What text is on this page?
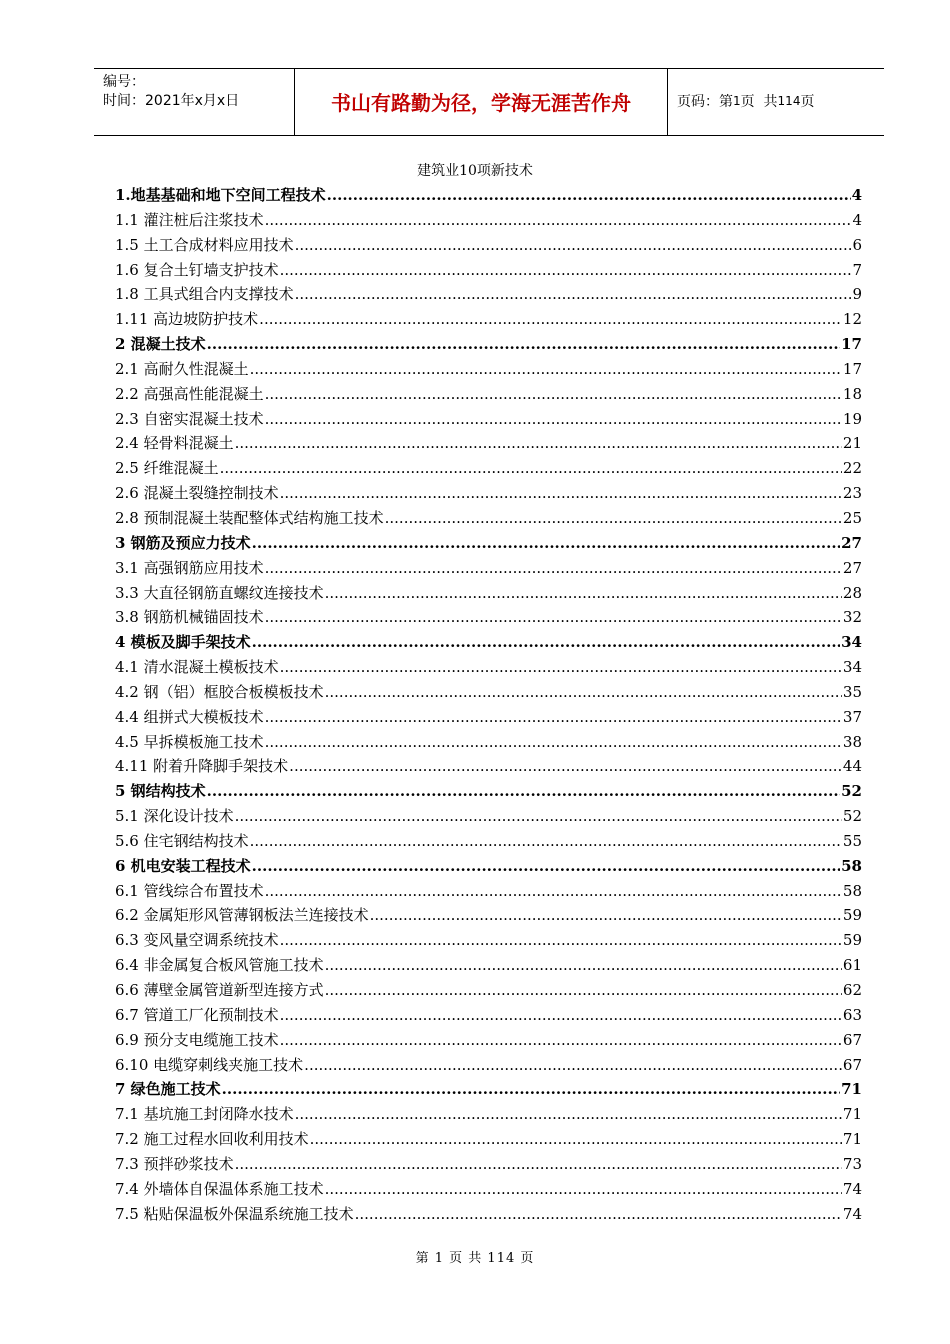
编号：
时间：2021年x月x日	书山有路勤为径，学海无涯苦作舟	页码：第 1 页  共 114 页
建筑业10项新技术
1.地基基础和地下空间工程技术 .....	4
1.1 灌注桩后注浆技术 .....	4
1.5 土工合成材料应用技术 .....	6
1.6 复合土钉墙支护技术 .....	7
1.8 工具式组合内支撑技术 .....	9
1.11 高边坡防护技术 .....	12
2 混凝土技术 .....	17
2.1 高耐久性混凝土 .....	17
2.2 高强高性能混凝土 .....	18
2.3 自密实混凝土技术 .....	19
2.4 轻骨料混凝土 .....	21
2.5 纤维混凝土 .....	22
2.6 混凝土裂缝控制技术 .....	23
2.8 预制混凝土装配整体式结构施工技术 .....	25
3 钢筋及预应力技术 .....	27
3.1 高强钢筋应用技术 .....	27
3.3 大直径钢筋直螺纹连接技术 .....	28
3.8 钢筋机械锚固技术 .....	32
4 模板及脚手架技术 .....	34
4.1 清水混凝土模板技术 .....	34
4.2 钢（铝）框胶合板模板技术 .....	35
4.4 组拼式大模板技术 .....	37
4.5 早拆模板施工技术 .....	38
4.11 附着升降脚手架技术 .....	44
5 钢结构技术 .....	52
5.1 深化设计技术 .....	52
5.6 住宅钢结构技术 .....	55
6 机电安装工程技术 .....	58
6.1 管线综合布置技术 .....	58
6.2 金属矩形风管薄钢板法兰连接技术 .....	59
6.3 变风量空调系统技术 .....	59
6.4 非金属复合板风管施工技术 .....	61
6.6 薄壁金属管道新型连接方式 .....	62
6.7 管道工厂化预制技术 .....	63
6.9 预分支电缆施工技术 .....	67
6.10 电缆穿刺线夹施工技术 .....	67
7 绿色施工技术 .....	71
7.1 基坑施工封闭降水技术 .....	71
7.2 施工过程水回收利用技术 .....	71
7.3 预拌砂浆技术 .....	73
7.4 外墙体自保温体系施工技术 .....	74
7.5 粘贴保温板外保温系统施工技术 .....	74
第 1 页 共 114 页
